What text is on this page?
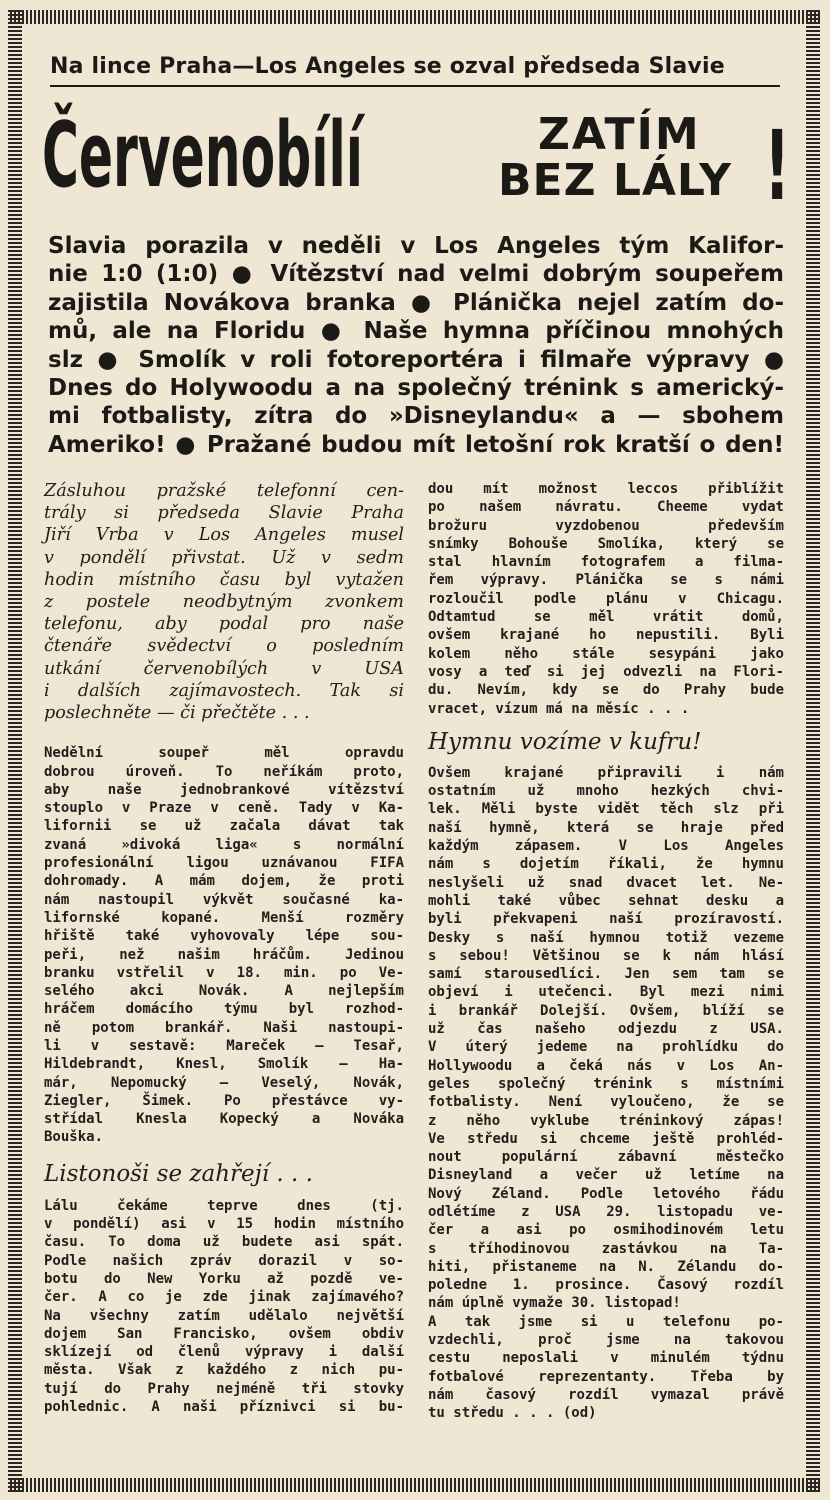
Na lince Praha—Los Angeles se ozval předseda Slavie
Červenobílí	ZATÍM
BEZ LÁLY !
Slavia porazila v neděli v Los Angeles tým Kalifor-
nie 1:0 (1:0) ● Vítězství nad velmi dobrým soupeřem
zajistila Novákova branka ● Plánička nejel zatím do-
mů, ale na Floridu ● Naše hymna příčinou mnohých
slz ● Smolík v roli fotoreportéra i filmaře výpravy ●
Dnes do Holywoodu a na společný trénink s americký-
mi fotbalisty, zítra do »Disneylandu« a — sbohem
Ameriko! ● Pražané budou mít letošní rok kratší o den!
Zásluhou pražské telefonní cen-
trály si předseda Slavie Praha
Jiří Vrba v Los Angeles musel
v pondělí přivstat. Už v sedm
hodin místního času byl vytažen
z postele neodbytným zvonkem
telefonu, aby podal pro naše
čtenáře svědectví o posledním
utkání červenobílých v USA
i dalších zajímavostech. Tak si
poslechněte — či přečtěte . . .
Nedělní soupeř měl opravdu
dobrou úroveň. To neříkám proto,
aby naše jednobrankové vítězství
stouplo v Praze v ceně. Tady v Ka-
lifornii se už začala dávat tak
zvaná »divoká liga« s normální
profesionální ligou uznávanou FIFA
dohromady. A mám dojem, že proti
nám nastoupil výkvět současné ka-
lifornské kopané. Menší rozměry
hřiště také vyhovovaly lépe sou-
peři, než našim hráčům. Jedinou
branku vstřelil v 18. min. po Ve-
selého akci Novák. A nejlepším
hráčem domácího týmu byl rozhod-
ně potom brankář. Naši nastoupi-
li v sestavě: Mareček — Tesař,
Hildebrandt, Knesl, Smolík — Ha-
már, Nepomucký — Veselý, Novák,
Ziegler, Šimek. Po přestávce vy-
střídal Knesla Kopecký a Nováka
Bouška.
Listonoši se zahřejí . . .
Lálu čekáme teprve dnes (tj.
v pondělí) asi v 15 hodin místního
času. To doma už budete asi spát.
Podle našich zpráv dorazil v so-
botu do New Yorku až pozdě ve-
čer. A co je zde jinak zajímavého?
Na všechny zatím udělalo největší
dojem San Francisko, ovšem obdiv
sklízejí od členů výpravy i další
města. Však z každého z nich pu-
tují do Prahy nejméně tři stovky
pohlednic. A naši příznivci si bu-
dou mít možnost leccos přiblížit
po našem návratu. Cheeme vydat
brožuru vyzdobenou především
snímky Bohouše Smolíka, který se
stal hlavním fotografem a filma-
řem výpravy. Plánička se s námi
rozloučil podle plánu v Chicagu.
Odtamtud se měl vrátit domů,
ovšem krajané ho nepustili. Byli
kolem něho stále sesypáni jako
vosy a teď si jej odvezli na Flori-
du. Nevím, kdy se do Prahy bude
vracet, vízum má na měsíc . . .
Hymnu vozíme v kufru!
Ovšem krajané připravili i nám
ostatním už mnoho hezkých chvi-
lek. Měli byste vidět těch slz při
naší hymně, která se hraje před
každým zápasem. V Los Angeles
nám s dojetím říkali, že hymnu
neslyšeli už snad dvacet let. Ne-
mohli také vůbec sehnat desku a
byli překvapeni naší prozíravostí.
Desky s naší hymnou totiž vezeme
s sebou! Většinou se k nám hlásí
samí starousedlíci. Jen sem tam se
objeví i utečenci. Byl mezi nimi
i brankář Dolejší. Ovšem, blíží se
už čas našeho odjezdu z USA.
V úterý jedeme na prohlídku do
Hollywoodu a čeká nás v Los An-
geles společný trénink s místními
fotbalisty. Není vyloučeno, že se
z něho vyklube tréninkový zápas!
Ve středu si chceme ještě prohléd-
nout populární zábavní městečko
Disneyland a večer už letíme na
Nový Zéland. Podle letového řádu
odlétíme z USA 29. listopadu ve-
čer a asi po osmihodinovém letu
s tříhodinovou zastávkou na Ta-
hiti, přistaneme na N. Zélandu do-
poledne 1. prosince. Časový rozdíl
nám úplně vymaže 30. listopad!
A tak jsme si u telefonu po-
vzdechli, proč jsme na takovou
cestu neposlali v minulém týdnu
fotbalové reprezentanty. Třeba by
nám časový rozdíl vymazal právě
tu středu . . . (od)
